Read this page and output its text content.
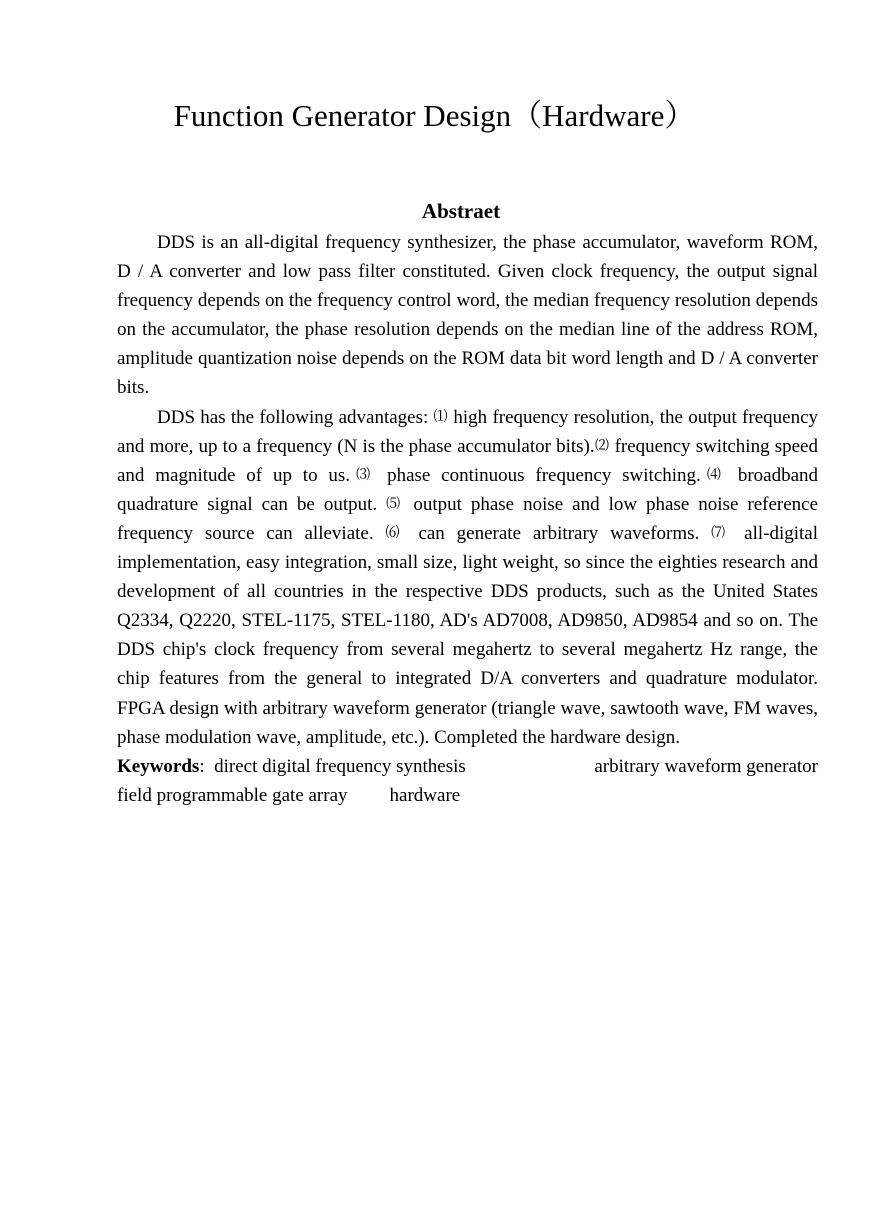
Function Generator Design（Hardware）
Abstraet

DDS is an all-digital frequency synthesizer, the phase accumulator, waveform ROM, D / A converter and low pass filter constituted. Given clock frequency, the output signal frequency depends on the frequency control word, the median frequency resolution depends on the accumulator, the phase resolution depends on the median line of the address ROM, amplitude quantization noise depends on the ROM data bit word length and D / A converter bits.

DDS has the following advantages: ⑴ high frequency resolution, the output frequency and more, up to a frequency (N is the phase accumulator bits).⑵ frequency switching speed and magnitude of up to us.⑶ phase continuous frequency switching.⑷ broadband quadrature signal can be output. ⑸ output phase noise and low phase noise reference frequency source can alleviate. ⑹ can generate arbitrary waveforms. ⑺ all-digital implementation, easy integration, small size, light weight, so since the eighties research and development of all countries in the respective DDS products, such as the United States Q2334, Q2220, STEL-1175, STEL-1180, AD's AD7008, AD9850, AD9854 and so on. The DDS chip's clock frequency from several megahertz to several megahertz Hz range, the chip features from the general to integrated D/A converters and quadrature modulator. FPGA design with arbitrary waveform generator (triangle wave, sawtooth wave, FM waves, phase modulation wave, amplitude, etc.). Completed the hardware design.

Keywords: direct digital frequency synthesis	arbitrary waveform generator
field programmable gate array hardware
